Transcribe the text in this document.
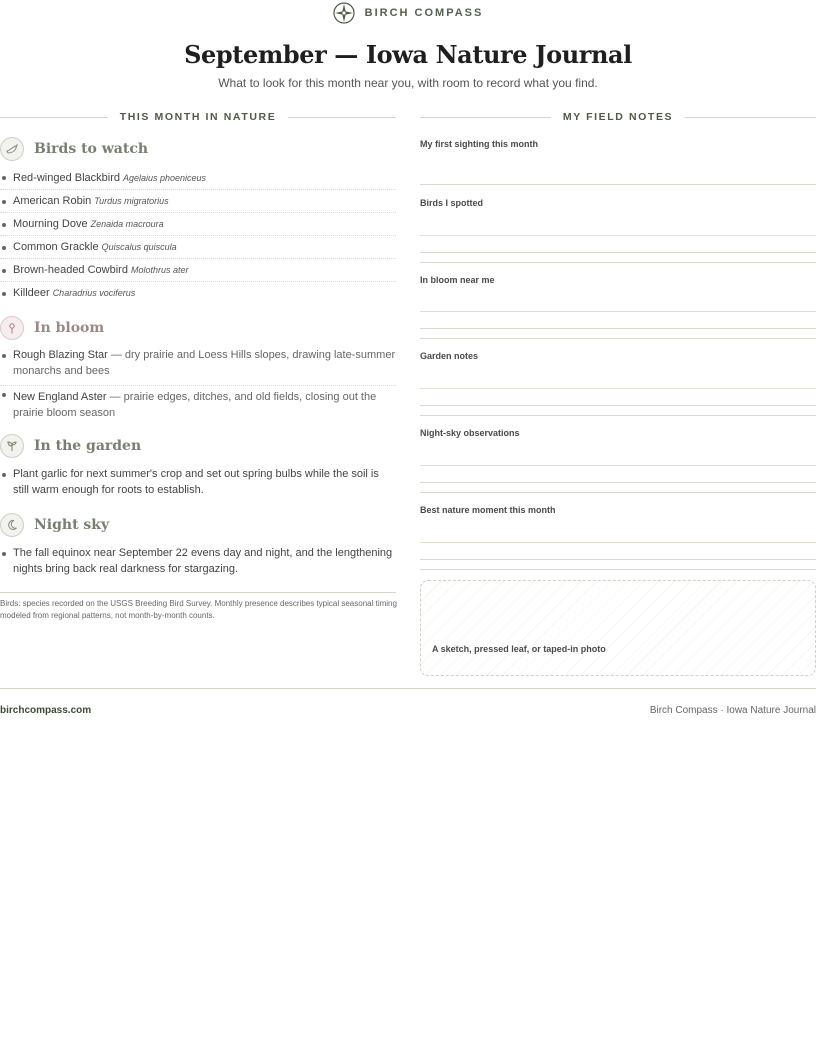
BIRCH COMPASS
September — Iowa Nature Journal

What to look for this month near you, with room to record what you find.

THIS MONTH IN NATURE	MY FIELD NOTES
Birds to watch
Red-winged Blackbird Agelaius phoeniceus
American Robin Turdus migratorius
Mourning Dove Zenaida macroura
Common Grackle Quiscalus quiscula
Brown-headed Cowbird Molothrus ater
Killdeer Charadrius vociferus
In bloom
Rough Blazing Star — dry prairie and Loess Hills slopes, drawing late-summer monarchs and bees
New England Aster — prairie edges, ditches, and old fields, closing out the prairie bloom season
In the garden
Plant garlic for next summer's crop and set out spring bulbs while the soil is still warm enough for roots to establish.
Night sky
The fall equinox near September 22 evens day and night, and the lengthening nights bring back real darkness for stargazing.

Birds: species recorded on the USGS Breeding Bird Survey. Monthly presence describes typical seasonal timing modeled from regional patterns, not month-by-month counts.

My first sighting this month
Birds I spotted
In bloom near me
Garden notes
Night-sky observations
Best nature moment this month
A sketch, pressed leaf, or taped-in photo
birchcompass.com	Birch Compass · Iowa Nature Journal
